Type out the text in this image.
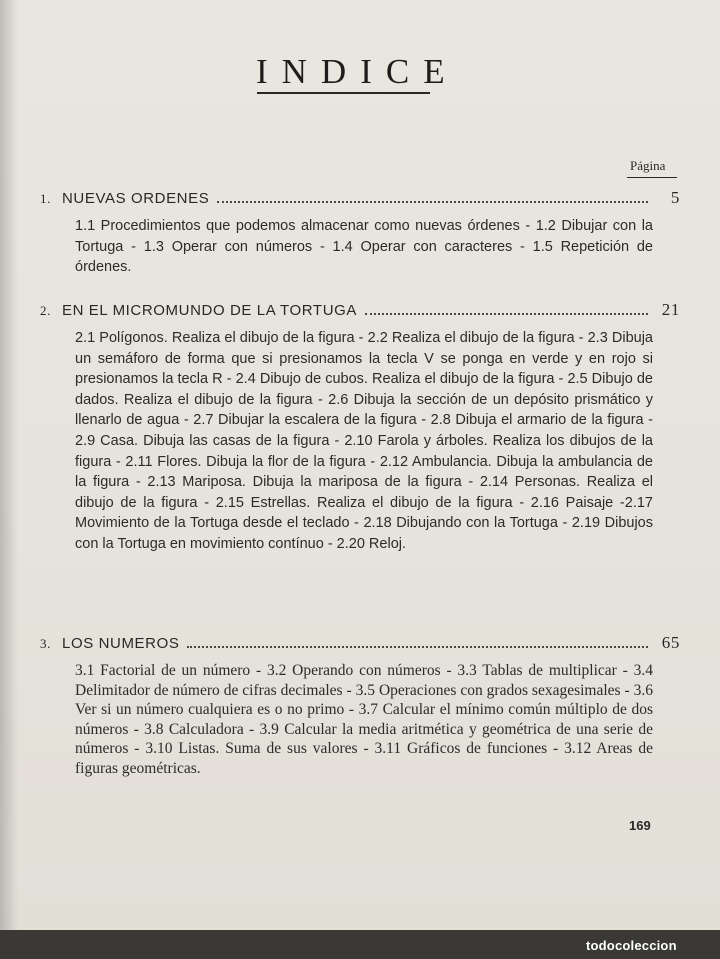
INDICE
Página
1. NUEVAS ORDENES	5
1.1 Procedimientos que podemos almacenar como nuevas órdenes - 1.2 Dibujar con la Tortuga - 1.3 Operar con números - 1.4 Operar con caracteres - 1.5 Repetición de órdenes.
2. EN EL MICROMUNDO DE LA TORTUGA	21
2.1 Polígonos. Realiza el dibujo de la figura - 2.2 Realiza el dibujo de la figura - 2.3 Dibuja un semáforo de forma que si presionamos la tecla V se ponga en verde y en rojo si presionamos la tecla R - 2.4 Dibujo de cubos. Realiza el dibujo de la figura - 2.5 Dibujo de dados. Realiza el dibujo de la figura - 2.6 Dibuja la sección de un depósito prismático y llenarlo de agua - 2.7 Dibujar la escalera de la figura - 2.8 Dibuja el armario de la figura - 2.9 Casa. Dibuja las casas de la figura - 2.10 Farola y árboles. Realiza los dibujos de la figura - 2.11 Flores. Dibuja la flor de la figura - 2.12 Ambulancia. Dibuja la ambulancia de la figura - 2.13 Mariposa. Dibuja la mariposa de la figura - 2.14 Personas. Realiza el dibujo de la figura - 2.15 Estrellas. Realiza el dibujo de la figura - 2.16 Paisaje -2.17 Movimiento de la Tortuga desde el teclado - 2.18 Dibujando con la Tortuga - 2.19 Dibujos con la Tortuga en movimiento contínuo - 2.20 Reloj.
3. LOS NUMEROS	65
3.1 Factorial de un número - 3.2 Operando con números - 3.3 Tablas de multiplicar - 3.4 Delimitador de número de cifras decimales - 3.5 Operaciones con grados sexagesimales - 3.6 Ver si un número cualquiera es o no primo - 3.7 Calcular el mínimo común múltiplo de dos números - 3.8 Calculadora - 3.9 Calcular la media aritmética y geométrica de una serie de números - 3.10 Listas. Suma de sus valores - 3.11 Gráficos de funciones - 3.12 Areas de figuras geométricas.
169
todocoleccion
